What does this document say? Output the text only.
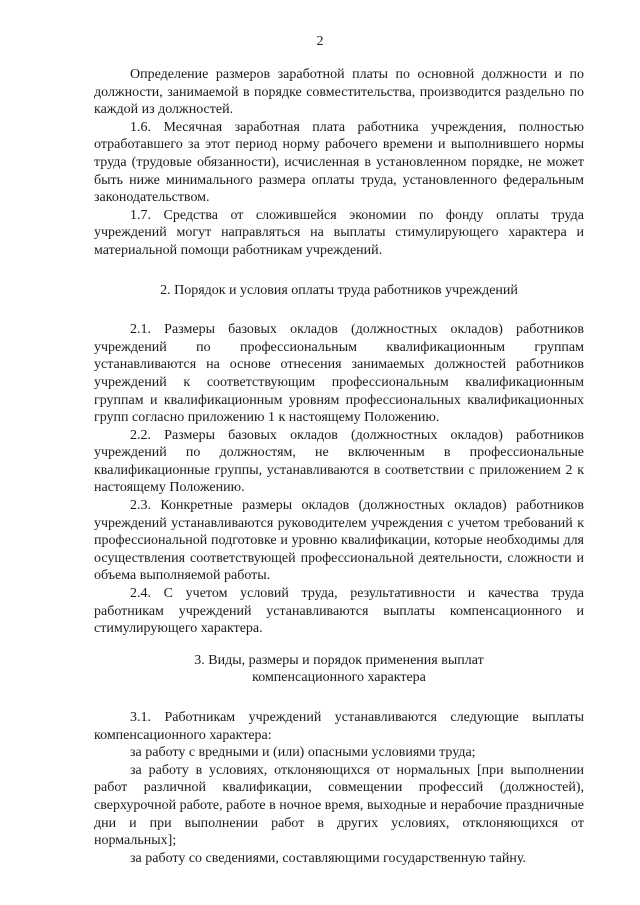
2

Определение размеров заработной платы по основной должности и по должности, занимаемой в порядке совместительства, производится раздельно по каждой из должностей.

1.6. Месячная заработная плата работника учреждения, полностью отработавшего за этот период норму рабочего времени и выполнившего нормы труда (трудовые обязанности), исчисленная в установленном порядке, не может быть ниже минимального размера оплаты труда, установленного федеральным законодательством.

1.7. Средства от сложившейся экономии по фонду оплаты труда учреждений могут направляться на выплаты стимулирующего характера и материальной помощи работникам учреждений.

2. Порядок и условия оплаты труда работников учреждений

2.1. Размеры базовых окладов (должностных окладов) работников учреждений по профессиональным квалификационным группам устанавливаются на основе отнесения занимаемых должностей работников учреждений к соответствующим профессиональным квалификационным группам и квалификационным уровням профессиональных квалификационных групп согласно приложению 1 к настоящему Положению.

2.2. Размеры базовых окладов (должностных окладов) работников учреждений по должностям, не включенным в профессиональные квалификационные группы, устанавливаются в соответствии с приложением 2 к настоящему Положению.

2.3. Конкретные размеры окладов (должностных окладов) работников учреждений устанавливаются руководителем учреждения с учетом требований к профессиональной подготовке и уровню квалификации, которые необходимы для осуществления соответствующей профессиональной деятельности, сложности и объема выполняемой работы.

2.4. С учетом условий труда, результативности и качества труда работникам учреждений устанавливаются выплаты компенсационного и стимулирующего характера.

3. Виды, размеры и порядок применения выплат

компенсационного характера

3.1. Работникам учреждений устанавливаются следующие выплаты компенсационного характера:

за работу с вредными и (или) опасными условиями труда;

за работу в условиях, отклоняющихся от нормальных [при выполнении работ различной квалификации, совмещении профессий (должностей), сверхурочной работе, работе в ночное время, выходные и нерабочие праздничные дни и при выполнении работ в других условиях, отклоняющихся от нормальных];

за работу со сведениями, составляющими государственную тайну.
